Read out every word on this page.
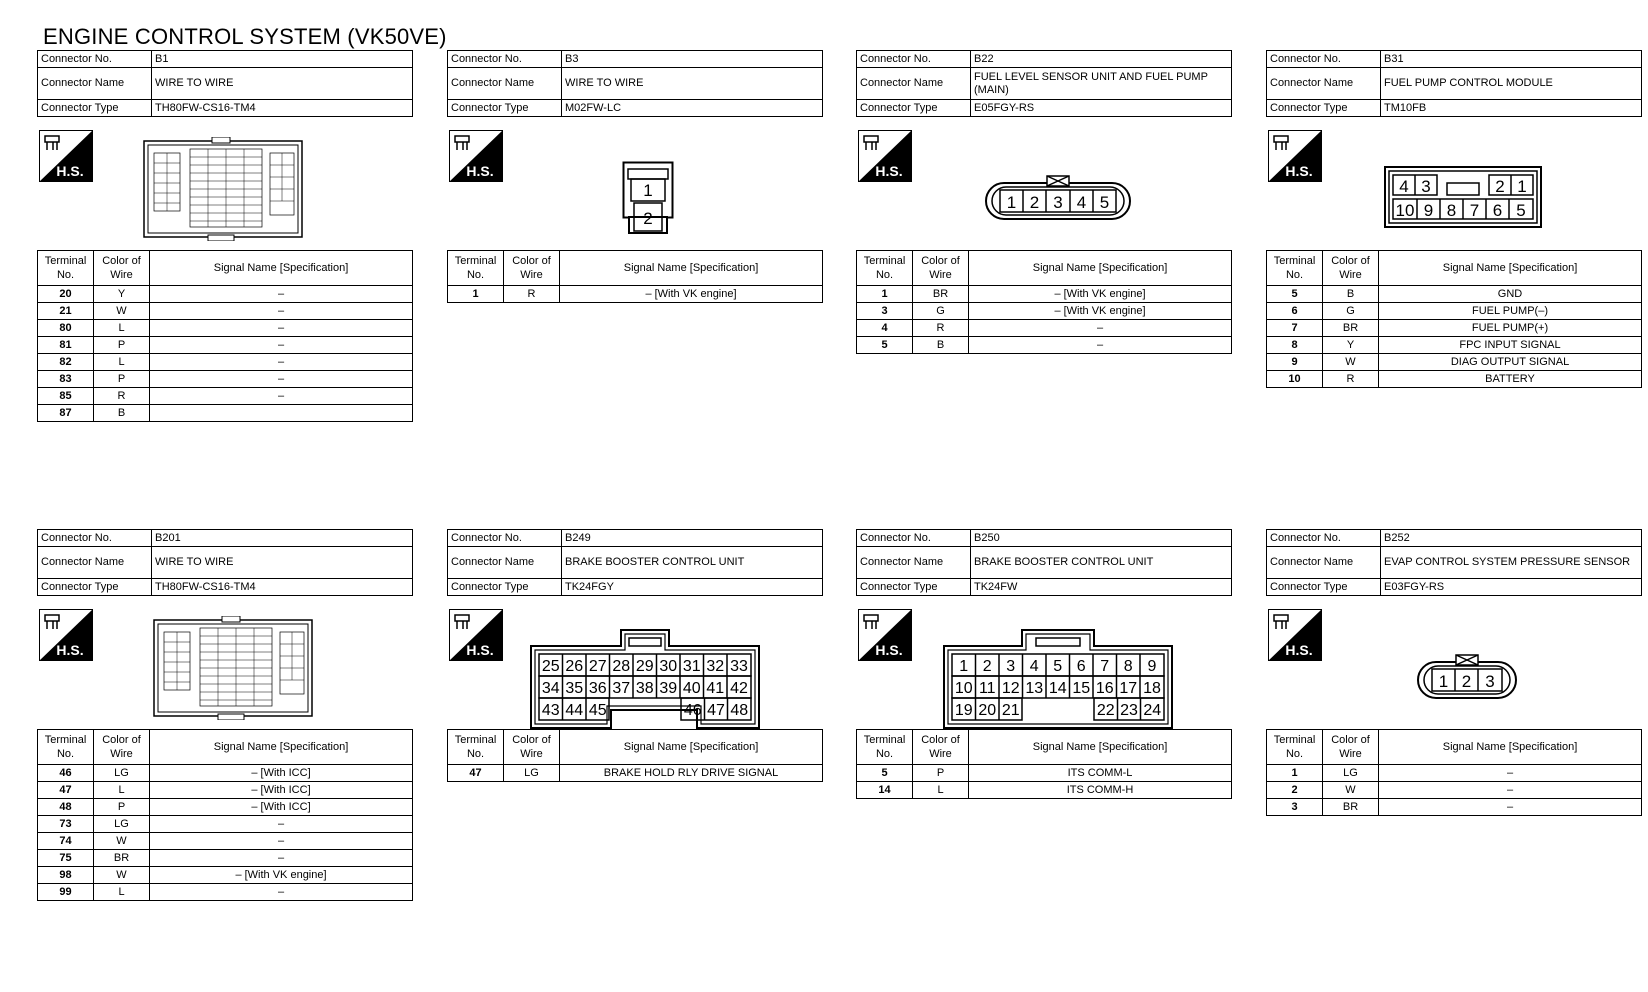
ENGINE CONTROL SYSTEM (VK50VE)
Connector No.	B1
Connector Name	WIRE TO WIRE
Connector Type	TH80FW-CS16-TM4
H.S.
Terminal No.	Color of Wire	Signal Name [Specification]
20	Y	–
21	W	–
80	L	–
81	P	–
82	L	–
83	P	–
85	R	–
87	B	
Connector No.	B3
Connector Name	WIRE TO WIRE
Connector Type	M02FW-LC
H.S.
1
2
Terminal No.	Color of Wire	Signal Name [Specification]
1	R	– [With VK engine]
Connector No.	B22
Connector Name	FUEL LEVEL SENSOR UNIT AND FUEL PUMP (MAIN)
Connector Type	E05FGY-RS
H.S.
1 2 3 4 5
Terminal No.	Color of Wire	Signal Name [Specification]
1	BR	– [With VK engine]
3	G	– [With VK engine]
4	R	–
5	B	–
Connector No.	B31
Connector Name	FUEL PUMP CONTROL MODULE
Connector Type	TM10FB
H.S.
4 3	2 1
10 9 8 7 6 5
Terminal No.	Color of Wire	Signal Name [Specification]
5	B	GND
6	G	FUEL PUMP(–)
7	BR	FUEL PUMP(+)
8	Y	FPC INPUT SIGNAL
9	W	DIAG OUTPUT SIGNAL
10	R	BATTERY
Connector No.	B201
Connector Name	WIRE TO WIRE
Connector Type	TH80FW-CS16-TM4
H.S.
Terminal No.	Color of Wire	Signal Name [Specification]
46	LG	– [With ICC]
47	L	– [With ICC]
48	P	– [With ICC]
73	LG	–
74	W	–
75	BR	–
98	W	– [With VK engine]
99	L	–
Connector No.	B249
Connector Name	BRAKE BOOSTER CONTROL UNIT
Connector Type	TK24FGY
H.S.
25 26 27 28 29 30 31 32 33
34 35 36 37 38 39 40 41 42
43 44 45	46 47 48
Terminal No.	Color of Wire	Signal Name [Specification]
47	LG	BRAKE HOLD RLY DRIVE SIGNAL
Connector No.	B250
Connector Name	BRAKE BOOSTER CONTROL UNIT
Connector Type	TK24FW
H.S.
1 2 3 4 5 6 7 8 9
10 11 12 13 14 15 16 17 18
19 20 21	22 23 24
Terminal No.	Color of Wire	Signal Name [Specification]
5	P	ITS COMM-L
14	L	ITS COMM-H
Connector No.	B252
Connector Name	EVAP CONTROL SYSTEM PRESSURE SENSOR
Connector Type	E03FGY-RS
H.S.
1 2 3
Terminal No.	Color of Wire	Signal Name [Specification]
1	LG	–
2	W	–
3	BR	–
